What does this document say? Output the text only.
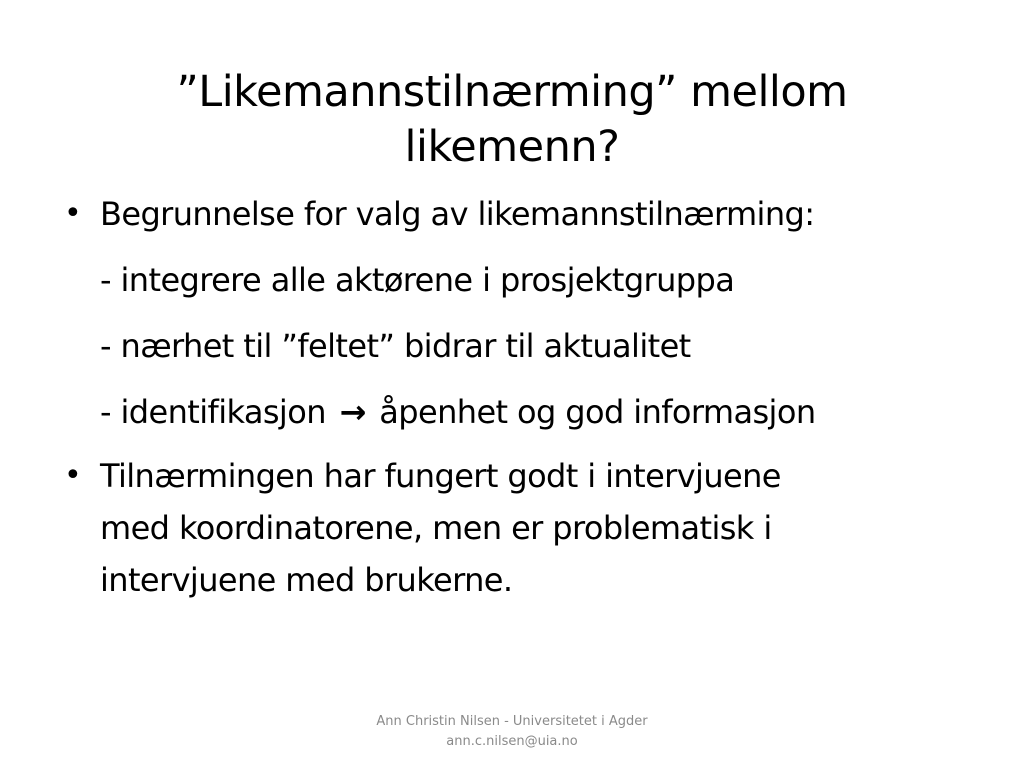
”Likemannstilnærming” mellom
likemenn?
• Begrunnelse for valg av likemannstilnærming:
- integrere alle aktørene i prosjektgruppa
- nærhet til ”feltet” bidrar til aktualitet
- identifikasjon → åpenhet og god informasjon
• Tilnærmingen har fungert godt i intervjuene
med koordinatorene, men er problematisk i
intervjuene med brukerne.
Ann Christin Nilsen - Universitetet i Agder
ann.c.nilsen@uia.no
